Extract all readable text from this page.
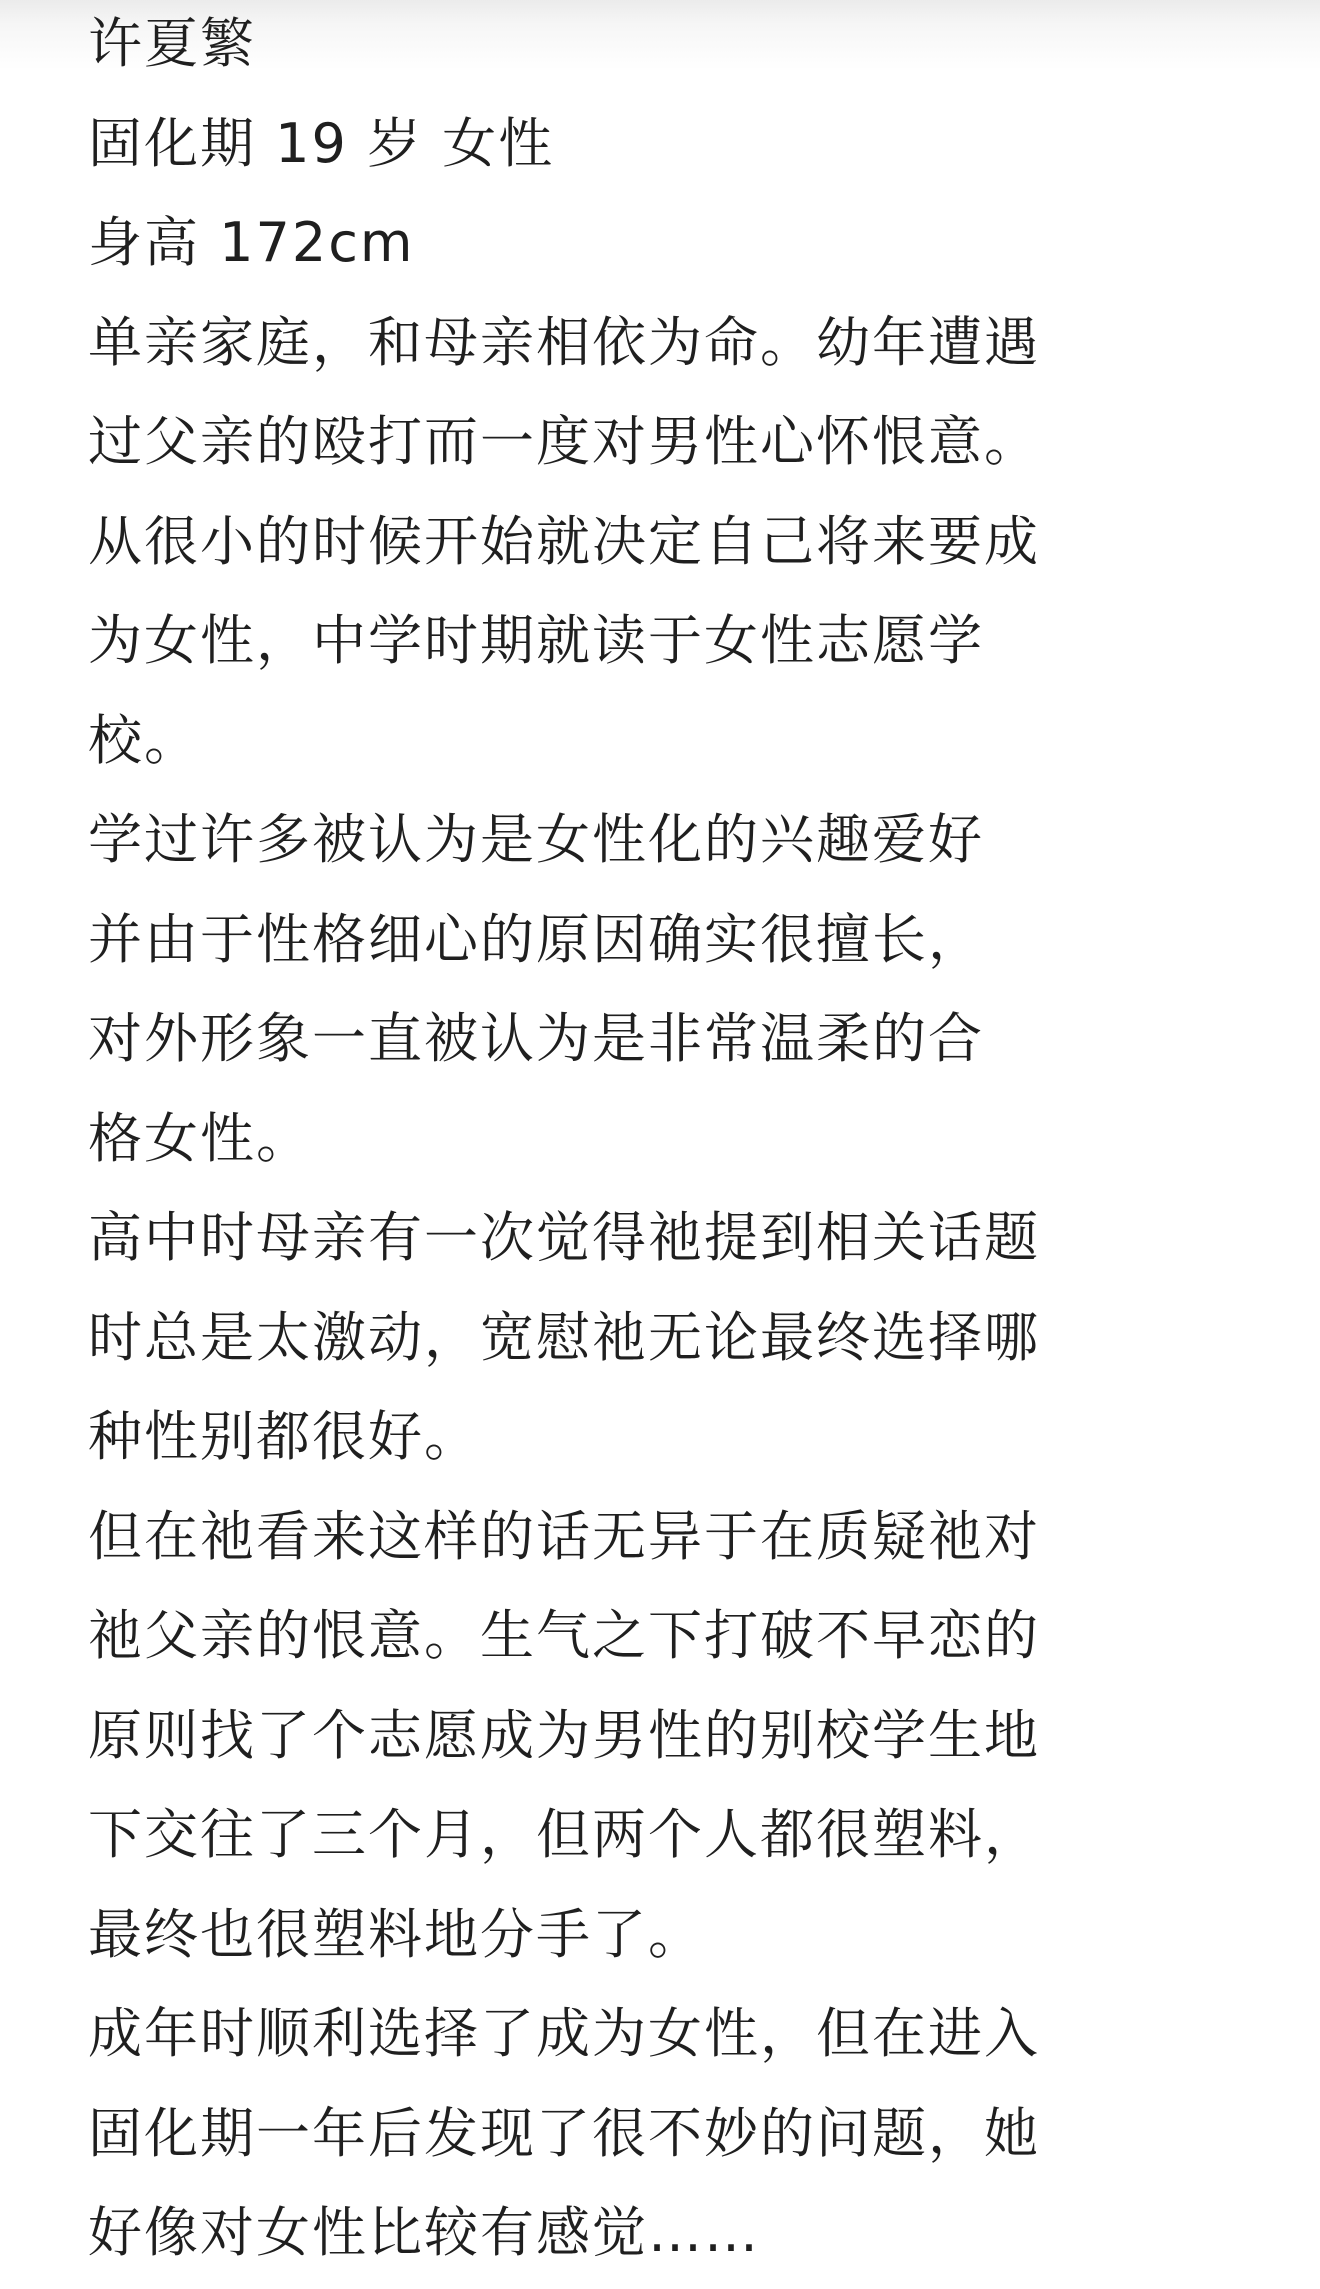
许夏繁
固化期 19 岁 女性
身高 172cm
单亲家庭，和母亲相依为命。幼年遭遇
过父亲的殴打而一度对男性心怀恨意。
从很小的时候开始就决定自己将来要成
为女性，中学时期就读于女性志愿学
校。
学过许多被认为是女性化的兴趣爱好
并由于性格细心的原因确实很擅长，
对外形象一直被认为是非常温柔的合
格女性。
高中时母亲有一次觉得祂提到相关话题
时总是太激动，宽慰祂无论最终选择哪
种性别都很好。
但在祂看来这样的话无异于在质疑祂对
祂父亲的恨意。生气之下打破不早恋的
原则找了个志愿成为男性的别校学生地
下交往了三个月，但两个人都很塑料，
最终也很塑料地分手了。
成年时顺利选择了成为女性，但在进入
固化期一年后发现了很不妙的问题，她
好像对女性比较有感觉……
